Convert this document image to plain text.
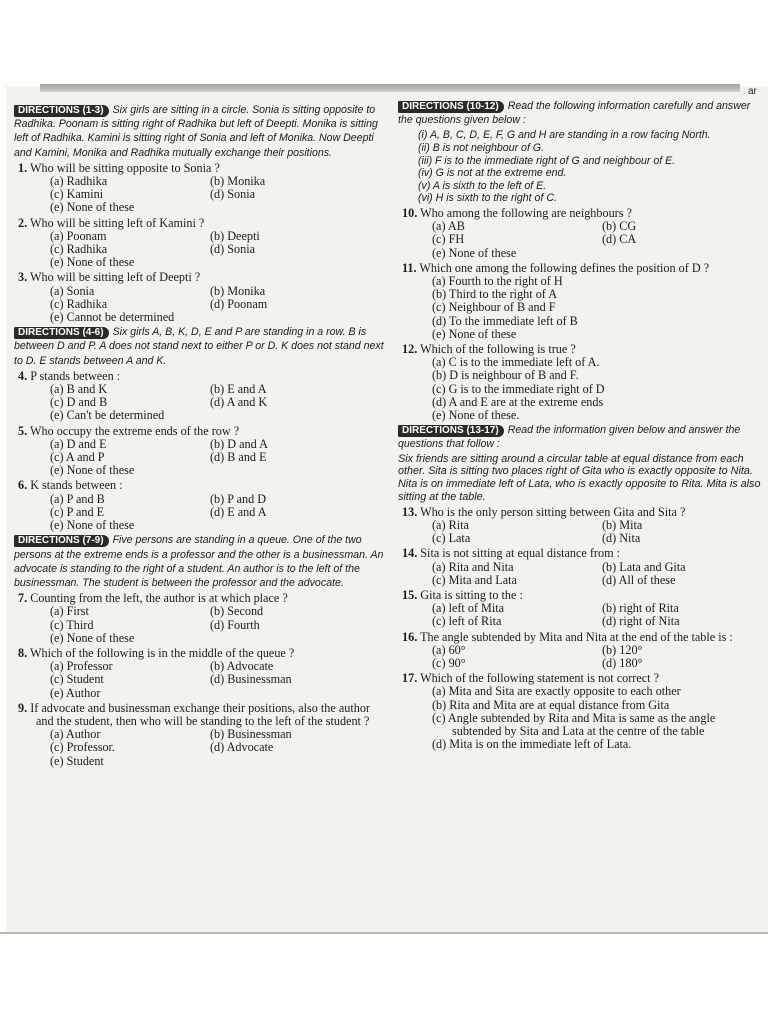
ar
DIRECTIONS (1-3) Six girls are sitting in a circle. Sonia is sitting opposite to Radhika. Poonam is sitting right of Radhika but left of Deepti. Monika is sitting left of Radhika. Kamini is sitting right of Sonia and left of Monika. Now Deepti and Kamini, Monika and Radhika mutually exchange their positions.
1. Who will be sitting opposite to Sonia ?
(a) Radhika	(b) Monika
(c) Kamini	(d) Sonia
(e) None of these
2. Who will be sitting left of Kamini ?
(a) Poonam	(b) Deepti
(c) Radhika	(d) Sonia
(e) None of these
3. Who will be sitting left of Deepti ?
(a) Sonia	(b) Monika
(c) Radhika	(d) Poonam
(e) Cannot be determined
DIRECTIONS (4-6) Six girls A, B, K, D, E and P are standing in a row. B is between D and P. A does not stand next to either P or D. K does not stand next to D. E stands between A and K.
4. P stands between :
(a) B and K	(b) E and A
(c) D and B	(d) A and K
(e) Can't be determined
5. Who occupy the extreme ends of the row ?
(a) D and E	(b) D and A
(c) A and P	(d) B and E
(e) None of these
6. K stands between :
(a) P and B	(b) P and D
(c) P and E	(d) E and A
(e) None of these
DIRECTIONS (7-9) Five persons are standing in a queue. One of the two persons at the extreme ends is a professor and the other is a businessman. An advocate is standing to the right of a student. An author is to the left of the businessman. The student is between the professor and the advocate.
7. Counting from the left, the author is at which place ?
(a) First	(b) Second
(c) Third	(d) Fourth
(e) None of these
8. Which of the following is in the middle of the queue ?
(a) Professor	(b) Advocate
(c) Student	(d) Businessman
(e) Author
9. If advocate and businessman exchange their positions, also the author and the student, then who will be standing to the left of the student ?
(a) Author	(b) Businessman
(c) Professor.	(d) Advocate
(e) Student
DIRECTIONS (10-12) Read the following information carefully and answer the questions given below :
(i) A, B, C, D, E, F, G and H are standing in a row facing North.
(ii) B is not neighbour of G.
(iii) F is to the immediate right of G and neighbour of E.
(iv) G is not at the extreme end.
(v) A is sixth to the left of E.
(vi) H is sixth to the right of C.
10. Who among the following are neighbours ?
(a) AB	(b) CG
(c) FH	(d) CA
(e) None of these
11. Which one among the following defines the position of D ?
(a) Fourth to the right of H
(b) Third to the right of A
(c) Neighbour of B and F
(d) To the immediate left of B
(e) None of these
12. Which of the following is true ?
(a) C is to the immediate left of A.
(b) D is neighbour of B and F.
(c) G is to the immediate right of D
(d) A and E are at the extreme ends
(e) None of these.
DIRECTIONS (13-17) Read the information given below and answer the questions that follow :
Six friends are sitting around a circular table at equal distance from each other. Sita is sitting two places right of Gita who is exactly opposite to Nita. Nita is on immediate left of Lata, who is exactly opposite to Rita. Mita is also sitting at the table.
13. Who is the only person sitting between Gita and Sita ?
(a) Rita	(b) Mita
(c) Lata	(d) Nita
14. Sita is not sitting at equal distance from :
(a) Rita and Nita	(b) Lata and Gita
(c) Mita and Lata	(d) All of these
15. Gita is sitting to the :
(a) left of Mita	(b) right of Rita
(c) left of Rita	(d) right of Nita
16. The angle subtended by Mita and Nita at the end of the table is :
(a) 60°	(b) 120°
(c) 90°	(d) 180°
17. Which of the following statement is not correct ?
(a) Mita and Sita are exactly opposite to each other
(b) Rita and Mita are at equal distance from Gita
(c) Angle subtended by Rita and Mita is same as the angle subtended by Sita and Lata at the centre of the table
(d) Mita is on the immediate left of Lata.
